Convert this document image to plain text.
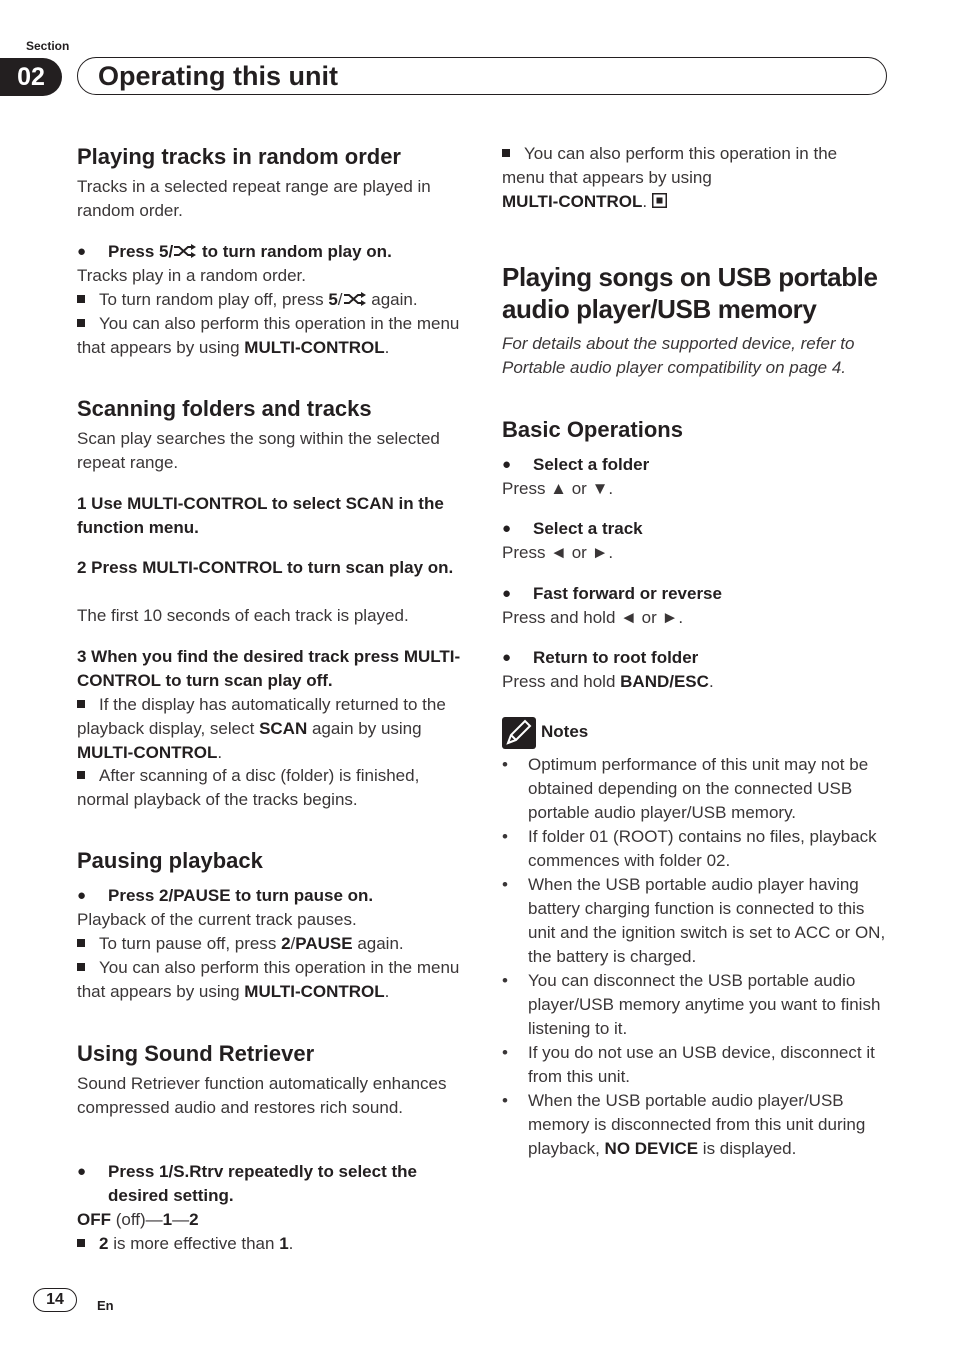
Section
02	Operating this unit
Playing tracks in random order
Tracks in a selected repeat range are played in random order.
● Press 5/ to turn random play on.
Tracks play in a random order.
To turn random play off, press 5/ again.
You can also perform this operation in the menu that appears by using MULTI-CONTROL.
Scanning folders and tracks
Scan play searches the song within the selected repeat range.
1 Use MULTI-CONTROL to select SCAN in the function menu.
2 Press MULTI-CONTROL to turn scan play on.
The first 10 seconds of each track is played.
3 When you find the desired track press MULTI-CONTROL to turn scan play off.
If the display has automatically returned to the playback display, select SCAN again by using MULTI-CONTROL.
After scanning of a disc (folder) is finished, normal playback of the tracks begins.
Pausing playback
● Press 2/PAUSE to turn pause on.
Playback of the current track pauses.
To turn pause off, press 2/PAUSE again.
You can also perform this operation in the menu that appears by using MULTI-CONTROL.
Using Sound Retriever
Sound Retriever function automatically enhances compressed audio and restores rich sound.
● Press 1/S.Rtrv repeatedly to select the desired setting.
OFF (off)—1—2
2 is more effective than 1.
You can also perform this operation in the menu that appears by using
MULTI-CONTROL.
Playing songs on USB portable audio player/USB memory
For details about the supported device, refer to Portable audio player compatibility on page 4.
Basic Operations
● Select a folder
Press ▲ or ▼.
● Select a track
Press ◄ or ►.
● Fast forward or reverse
Press and hold ◄ or ►.
● Return to root folder
Press and hold BAND/ESC.
Notes
• Optimum performance of this unit may not be obtained depending on the connected USB portable audio player/USB memory.
• If folder 01 (ROOT) contains no files, playback commences with folder 02.
• When the USB portable audio player having battery charging function is connected to this unit and the ignition switch is set to ACC or ON, the battery is charged.
• You can disconnect the USB portable audio player/USB memory anytime you want to finish listening to it.
• If you do not use an USB device, disconnect it from this unit.
• When the USB portable audio player/USB memory is disconnected from this unit during playback, NO DEVICE is displayed.
14	En
